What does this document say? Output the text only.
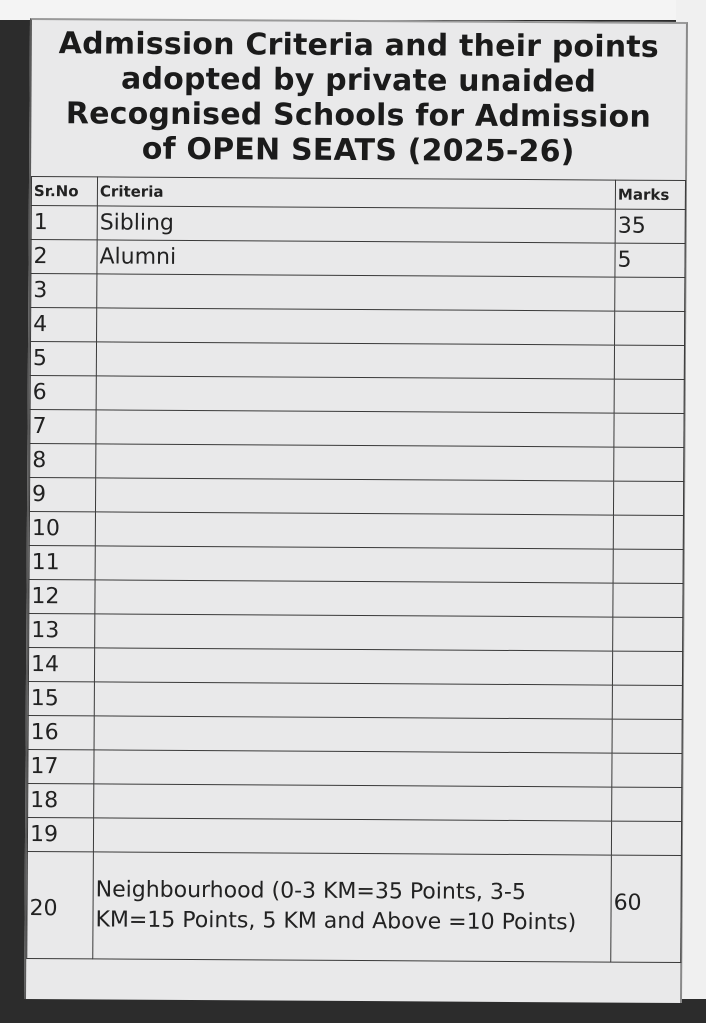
Admission Criteria and their points
adopted by private unaided
Recognised Schools for Admission
of OPEN SEATS (2025-26)
Sr.No	Criteria	Marks
1	Sibling	35
2	Alumni	5
3		
4		
5		
6		
7		
8		
9		
10		
11		
12		
13		
14		
15		
16		
17		
18		
19		
20	Neighbourhood (0-3 KM=35 Points, 3-5 KM=15 Points, 5 KM and Above =10 Points)	60
